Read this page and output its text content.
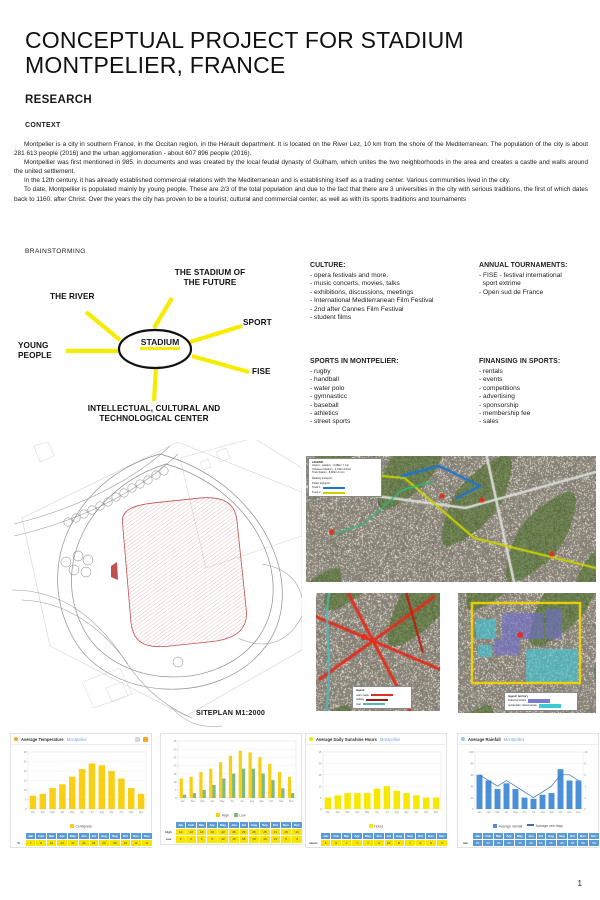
CONCEPTUAL PROJECT FOR STADIUM
MONTPELIER, FRANCE
RESEARCH
CONTEXT

Montpelier is a city in southern France, in the Occitan region, in the Hérault department. It is located on the River Lez, 10 km from the shore of the Mediterranean. The population of the city is about 281 613 people (2016) and the urban agglomeration - about 607 896 people (2016).

Montpellier was first mentioned in 985. in documents and was created by the local feudal dynasty of Guilham, which unites the two neighborhoods in the area and creates a castle and walls around the united settlement.

In the 12th century. it has already established commercial relations with the Mediterranean and is establishing itself as a trading center. Various communities lived in the city.

To date, Montpellier is populated mainly by young people. These are 2/3 of the total population and due to the fact that there are 3 universities in the city with serious traditions, the first of which dates back to 1160. after Christ. Over the years the city has proven to be a tourist, cultural and commercial center, as well as with its sports traditions and tournaments

BRAINSTORMING
STADIUM
THE RIVER
THE STADIUM OF
THE FUTURE
SPORT
FISE
YOUNG
PEOPLE
INTELLECTUAL, CULTURAL AND
TECHNOLOGICAL CENTER
CULTURE:
- opera festivals and more.
- music concerts, movies, talks
- exhibitions, discussions, meetings
- International Mediterranean Film Festival
- 2nd after Cannes Film Festival
- student films
SPORTS IN MONTPELIER:
- rugby
- handball
- water polo
- gymnasticc
- baseball
- athletics
- street sports
ANNUAL TOURNAMENTS:
- FISE - festival international
sport extrime
- Open sud de France
FINANSING IN SPORTS:
- rentals
- events
- competitions
- advertising
- sponsorship
- membership fee
- sales
SITEPLAN M1:2000
LEGEND:
Airport - stadium - 6,68km 7 min
Odyseeu Stadium - 4,19km 10min
Train Station - 8,80km 9 min
Railway transport
Public transport
Track 1
Track 2
legend
main roads
railway
river
legend: territory
industrial works
residential / closed areas
Average Temperature Montpellier
0
5
10
15
20
25
30
Jan Feb Mar Apr May	Jun	Jul	Aug Sep Oct Nov	Dec
Centigrade
	Jan	Feb	Mar	Apr	May	Jun	Jul	Aug	Sep	Oct	Nov	Dec
°C	7	8	11	13	17	21	24	23	20	16	11	8
0
5
10
15
20
25
30
35
Jan Feb Mar Apr May	Jun	Jul	Aug Sep Oct Nov	Dec
High	Low
	Jan	Feb	Mar	Apr	May	Jun	Jul	Aug	Sep	Oct	Nov	Dec
High	12	13	16	18	22	26	29	28	25	21	16	13
Low	2	3	5	8	12	15	18	18	15	11	6	3
Average Daily Sunshine Hours Montpellier
0
5
10
15
20
25
Jan Feb Mar Apr May	Jun	Jul	Aug Sep Oct Nov	Dec
Hours
	Jan	Feb	Mar	Apr	May	Jun	Jul	Aug	Sep	Oct	Nov	Dec
Hours	5	6	7	7	7	9	10	8	7	6	5	5
Average Rainfall Montpellier
0
20
40
60
80
100
Jan Feb Mar Apr May	Jun Jul Aug Sep Oct Nov	Dec
0
2
4
6
8
10
Average rainfall	Average rain days
	Jan	Feb	Mar	Apr	May	Jun	Jul	Aug	Sep	Oct	Nov	Dec
mm	60	50	35	45	35	20	18	25	28	70	50	50
1
